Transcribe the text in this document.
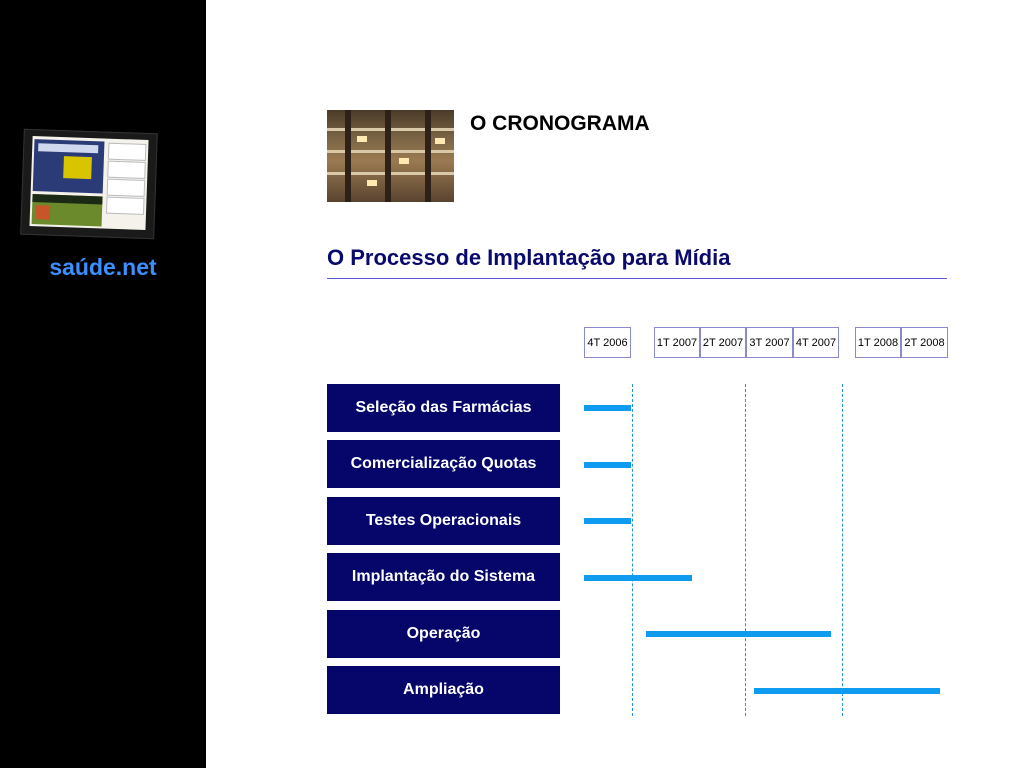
saúde.net
O CRONOGRAMA
O Processo de Implantação para Mídia
4T 2006	1T 2007 2T 2007 3T 2007 4T 2007 1T 2008 2T 2008
Seleção das Farmácias
Comercialização Quotas
Testes Operacionais
Implantação do Sistema
Operação
Ampliação
